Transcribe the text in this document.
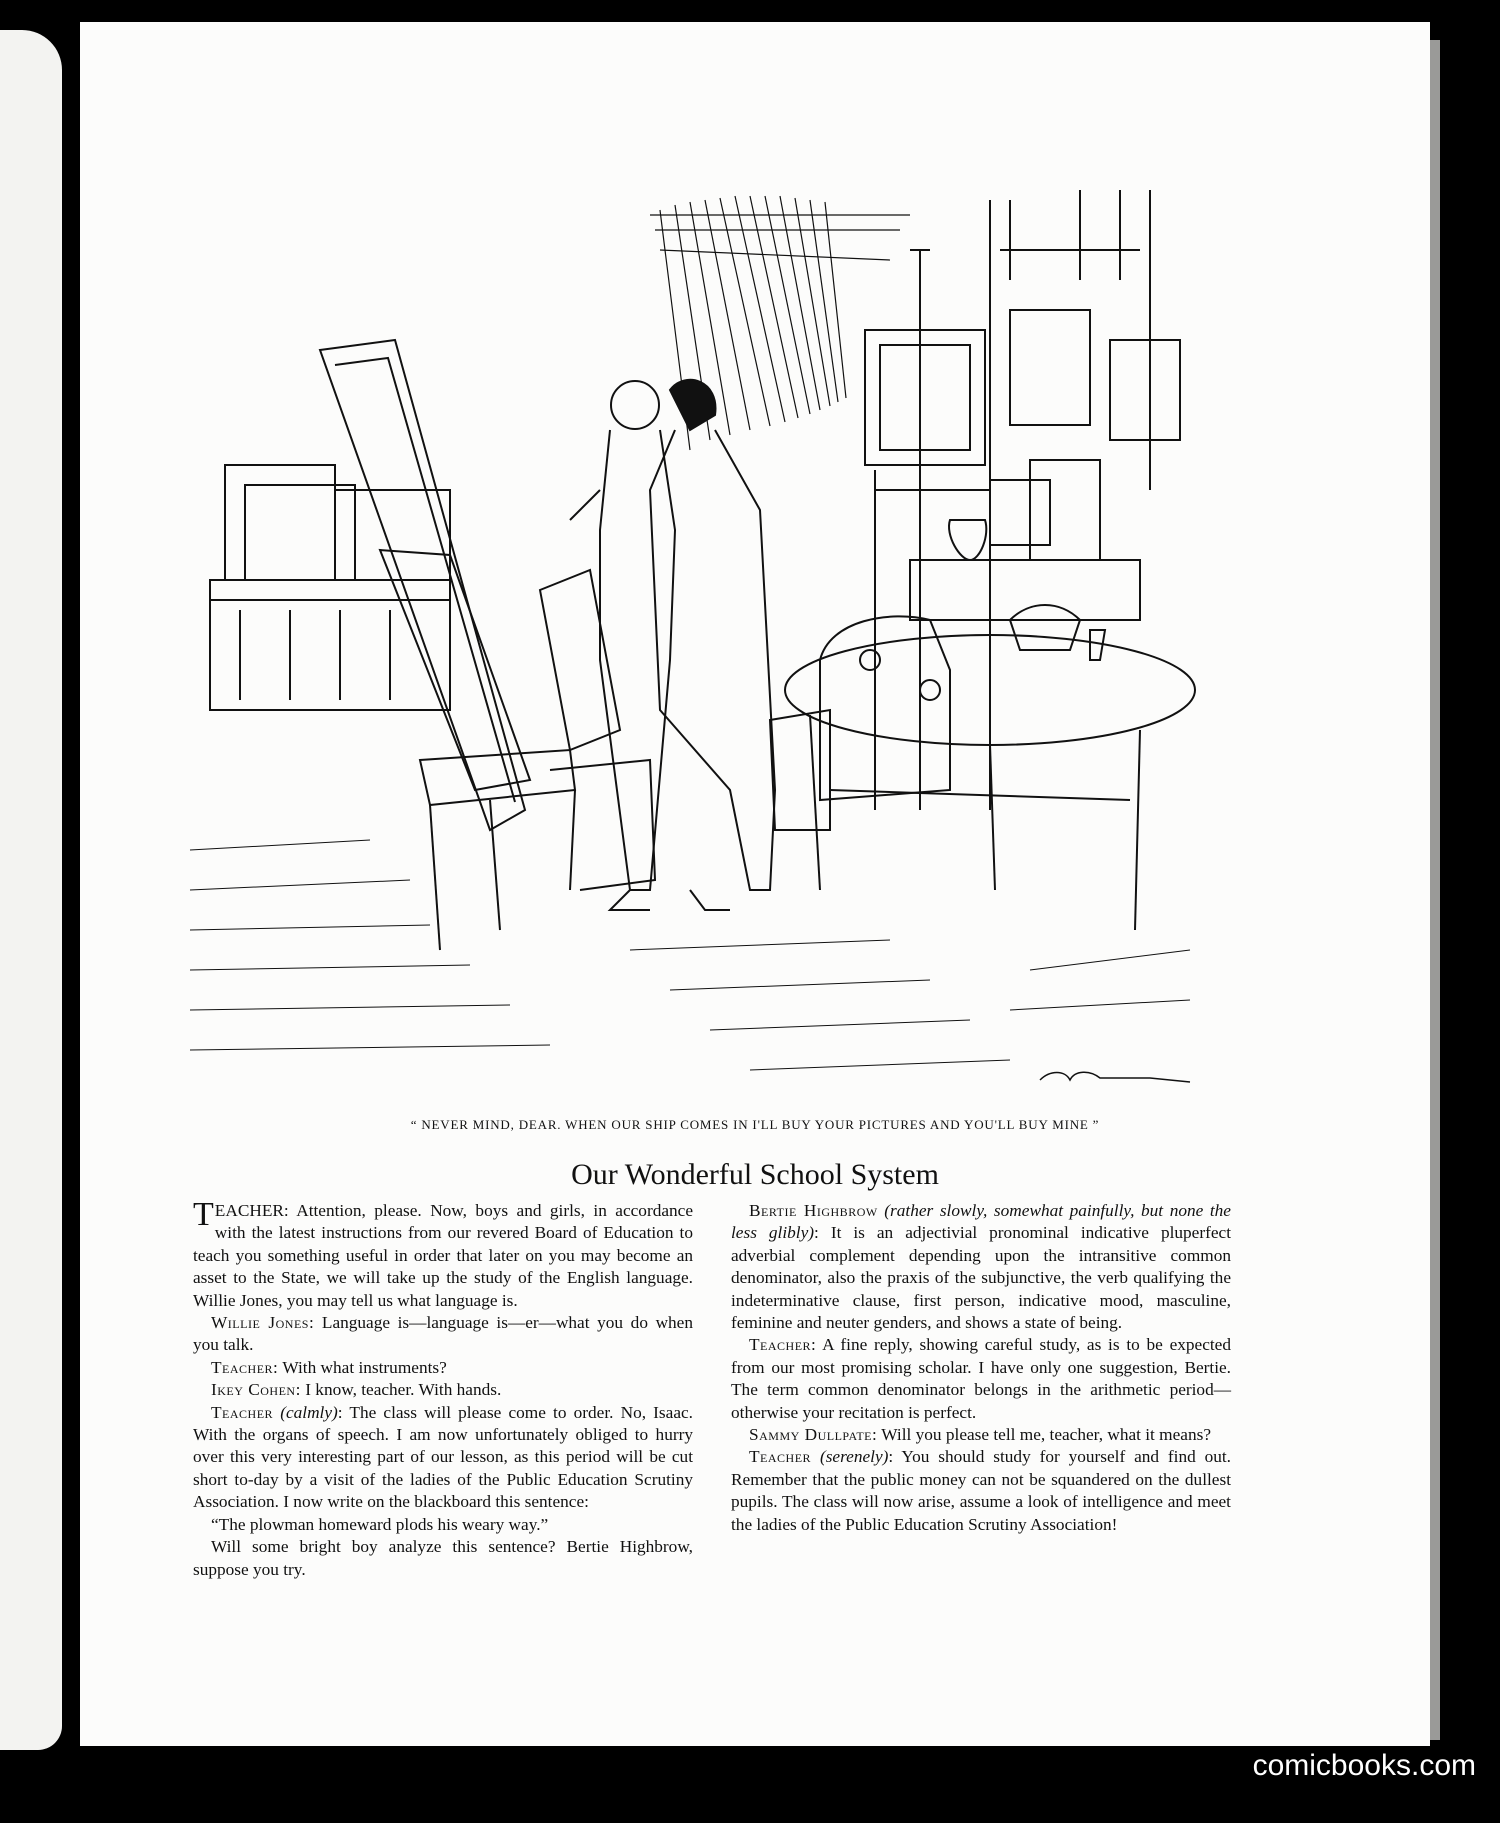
“ NEVER MIND, DEAR. WHEN OUR SHIP COMES IN I'LL BUY YOUR PICTURES AND YOU'LL BUY MINE ”

Our Wonderful School System

TEACHER: Attention, please. Now, boys and girls, in accordance with the latest instructions from our revered Board of Education to teach you something useful in order that later on you may become an asset to the State, we will take up the study of the English language. Willie Jones, you may tell us what language is.

Willie Jones: Language is—language is—er—what you do when you talk.

Teacher: With what instruments?

Ikey Cohen: I know, teacher. With hands.

Teacher (calmly): The class will please come to order. No, Isaac. With the organs of speech. I am now unfortunately obliged to hurry over this very interesting part of our lesson, as this period will be cut short to-day by a visit of the ladies of the Public Education Scrutiny Association. I now write on the blackboard this sentence:

“The plowman homeward plods his weary way.”

Will some bright boy analyze this sentence? Bertie Highbrow, suppose you try.

Bertie Highbrow (rather slowly, somewhat painfully, but none the less glibly): It is an adjectivial pronominal indicative pluperfect adverbial complement depending upon the intransitive common denominator, also the praxis of the subjunctive, the verb qualifying the indeterminative clause, first person, indicative mood, masculine, feminine and neuter genders, and shows a state of being.

Teacher: A fine reply, showing careful study, as is to be expected from our most promising scholar. I have only one suggestion, Bertie. The term common denominator belongs in the arithmetic period—otherwise your recitation is perfect.

Sammy Dullpate: Will you please tell me, teacher, what it means?

Teacher (serenely): You should study for yourself and find out. Remember that the public money can not be squandered on the dullest pupils. The class will now arise, assume a look of intelligence and meet the ladies of the Public Education Scrutiny Association!

comicbooks.com
